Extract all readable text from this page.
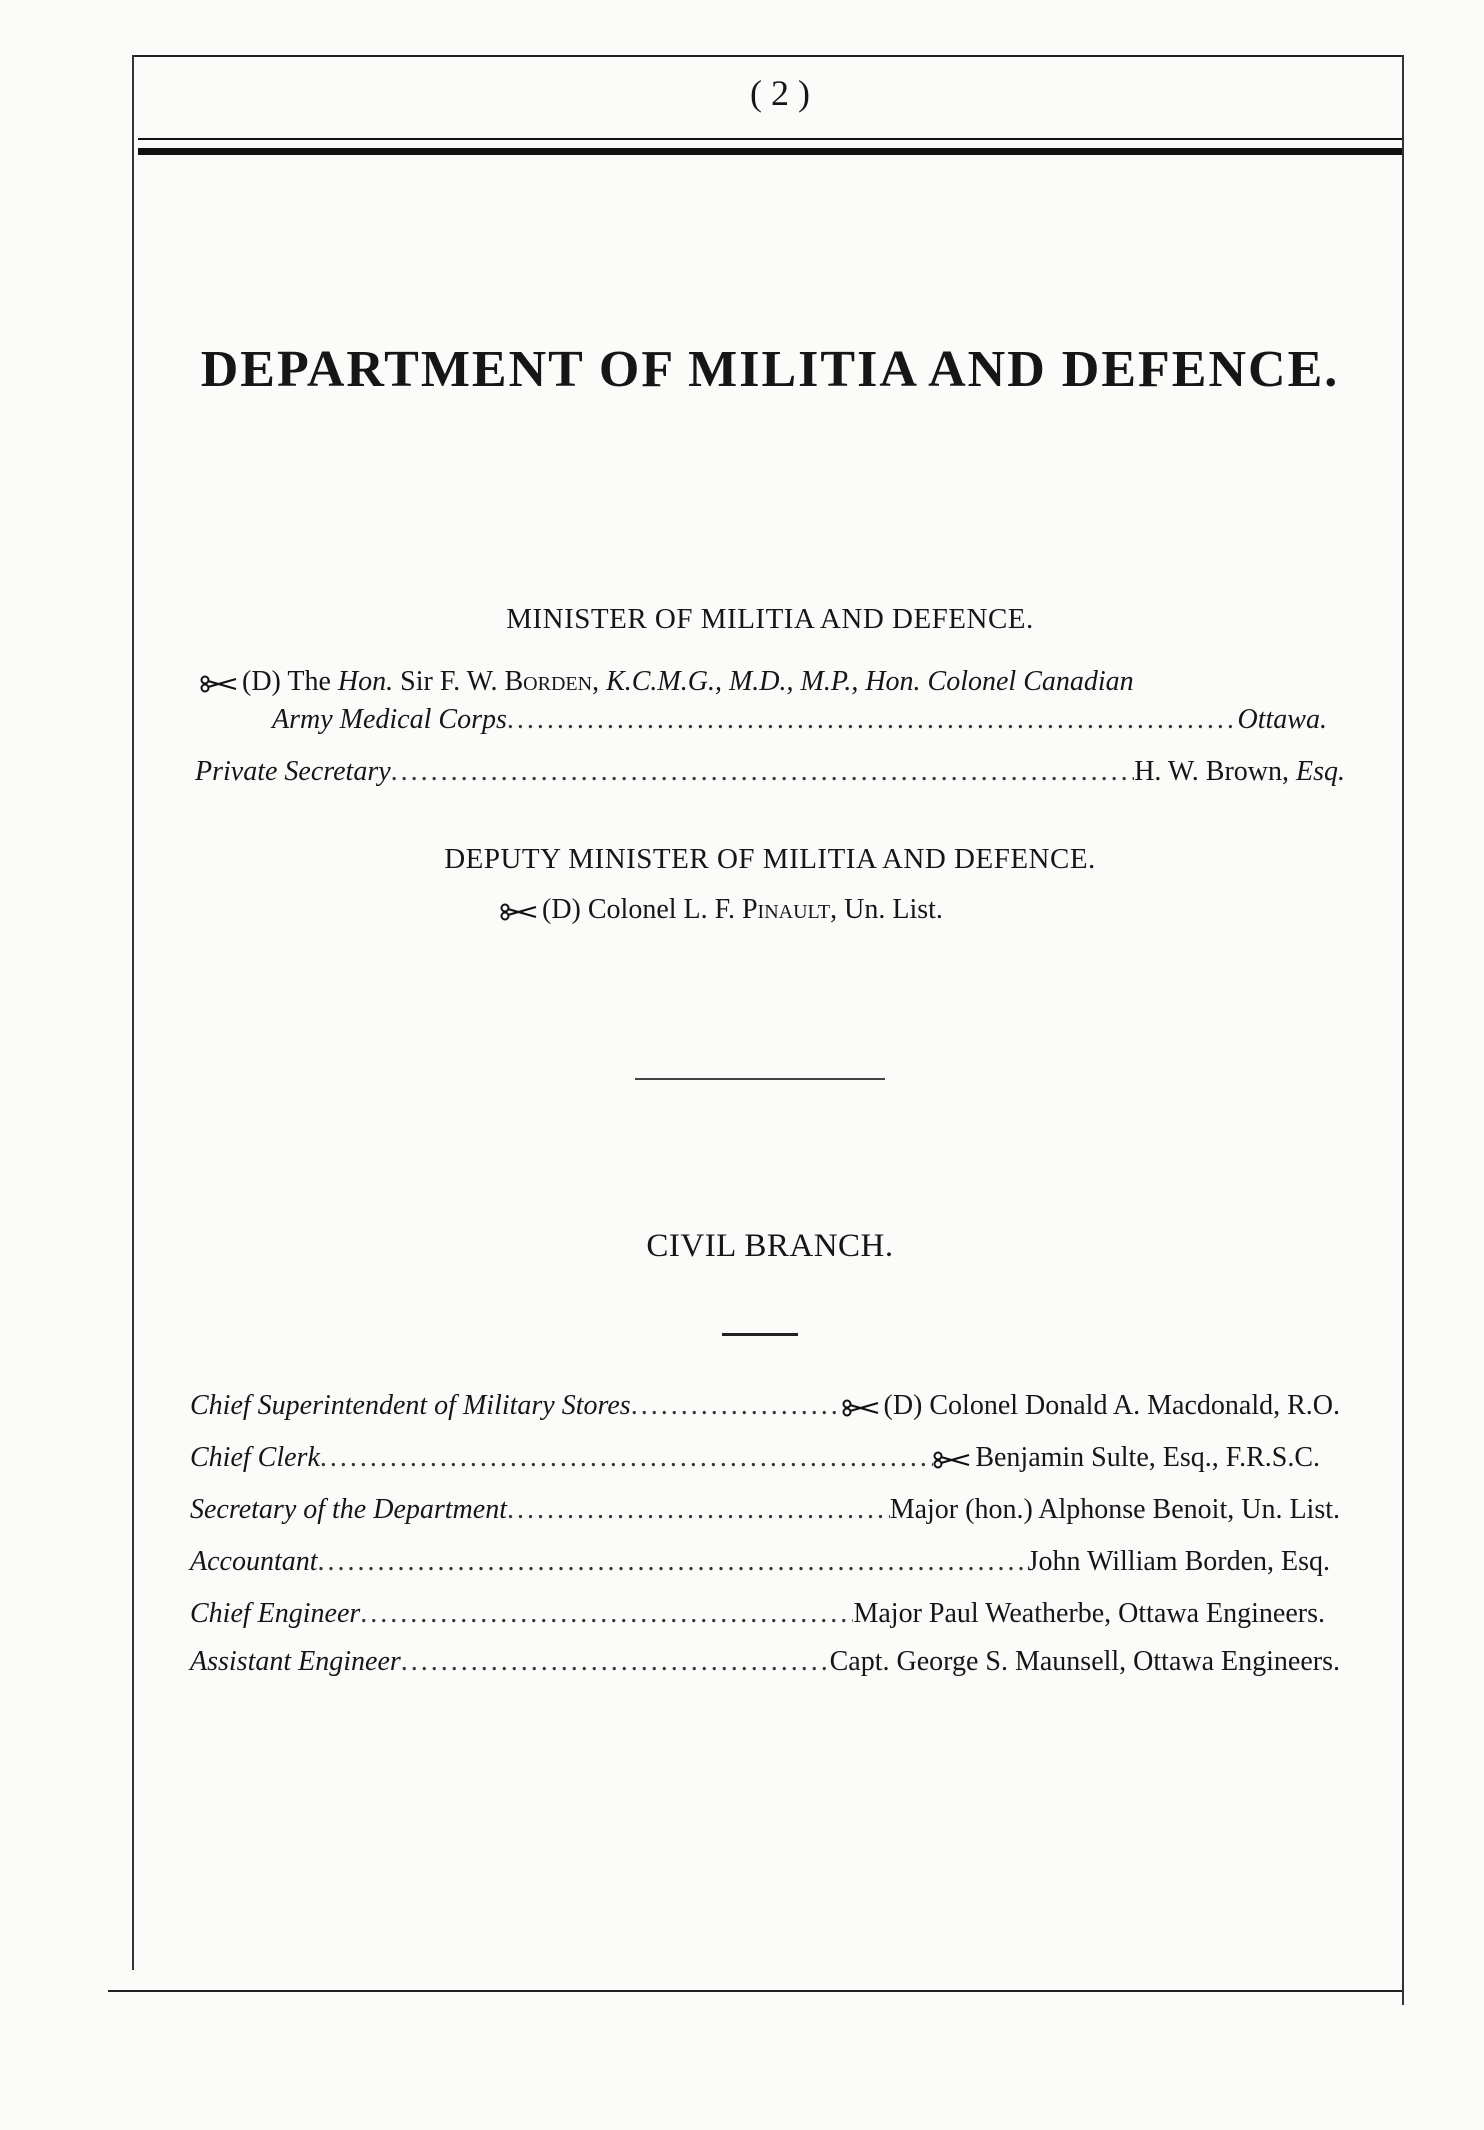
( 2 )
DEPARTMENT OF MILITIA AND DEFENCE.
MINISTER OF MILITIA AND DEFENCE.
(D) The Hon. Sir F. W. Borden, K.C.M.G., M.D., M.P., Hon. Colonel Canadian
Army Medical Corps .....	Ottawa.
Private Secretary .....	H. W. Brown, Esq.
DEPUTY MINISTER OF MILITIA AND DEFENCE.
(D) Colonel L. F. Pinault, Un. List.
CIVIL BRANCH.
Chief Superintendent of Military Stores .....	(D) Colonel Donald A. Macdonald, R.O.
Chief Clerk .....	Benjamin Sulte, Esq., F.R.S.C.
Secretary of the Department .....	Major (hon.) Alphonse Benoit, Un. List.
Accountant .....	John William Borden, Esq.
Chief Engineer .....	Major Paul Weatherbe, Ottawa Engineers.
Assistant Engineer .....	Capt. George S. Maunsell, Ottawa Engineers.
